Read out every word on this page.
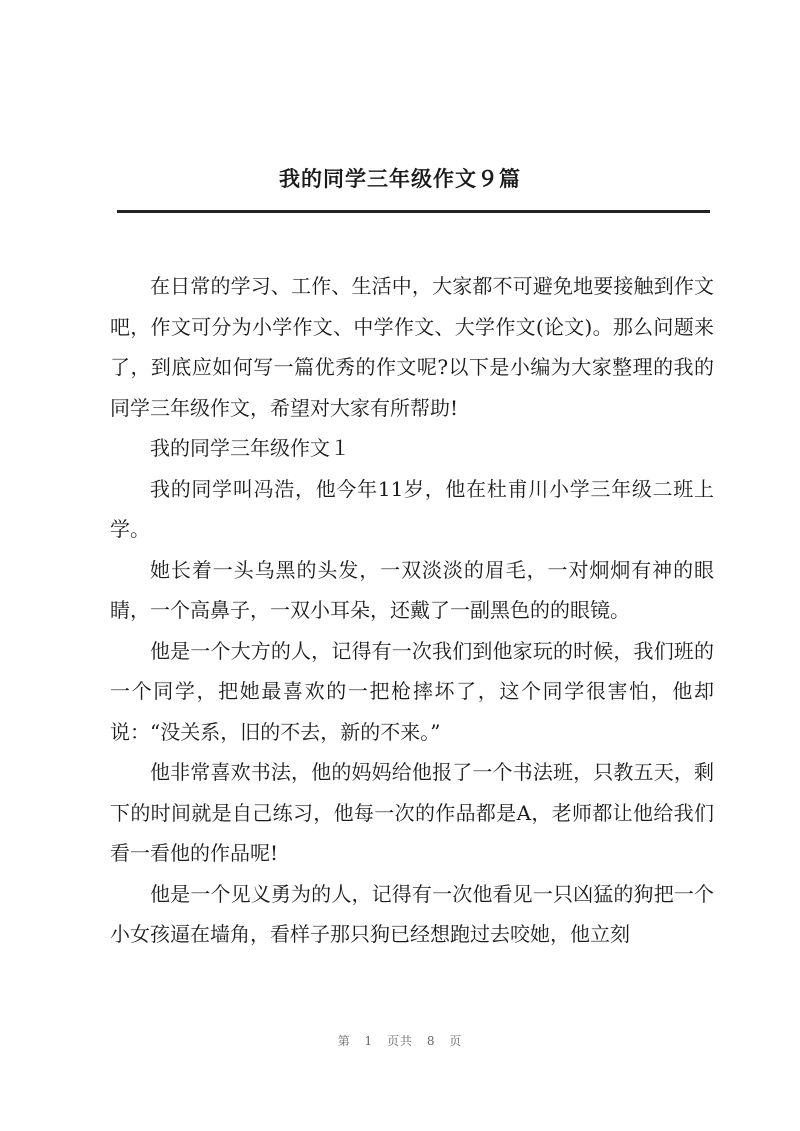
我的同学三年级作文９篇

在日常的学习、工作、生活中，大家都不可避免地要接触到作文吧，作文可分为小学作文、中学作文、大学作文(论文)。那么问题来了，到底应如何写一篇优秀的作文呢?以下是小编为大家整理的我的同学三年级作文，希望对大家有所帮助!

我的同学三年级作文１

我的同学叫冯浩，他今年11岁，他在杜甫川小学三年级二班上学。

她长着一头乌黑的头发，一双淡淡的眉毛，一对炯炯有神的眼睛，一个高鼻子，一双小耳朵，还戴了一副黑色的的眼镜。

他是一个大方的人，记得有一次我们到他家玩的时候，我们班的一个同学，把她最喜欢的一把枪摔坏了，这个同学很害怕，他却说：“没关系，旧的不去，新的不来。”

他非常喜欢书法，他的妈妈给他报了一个书法班，只教五天，剩下的时间就是自己练习，他每一次的作品都是A，老师都让他给我们看一看他的作品呢!

他是一个见义勇为的人，记得有一次他看见一只凶猛的狗把一个小女孩逼在墙角，看样子那只狗已经想跑过去咬她，他立刻

第 1 页共 8 页
